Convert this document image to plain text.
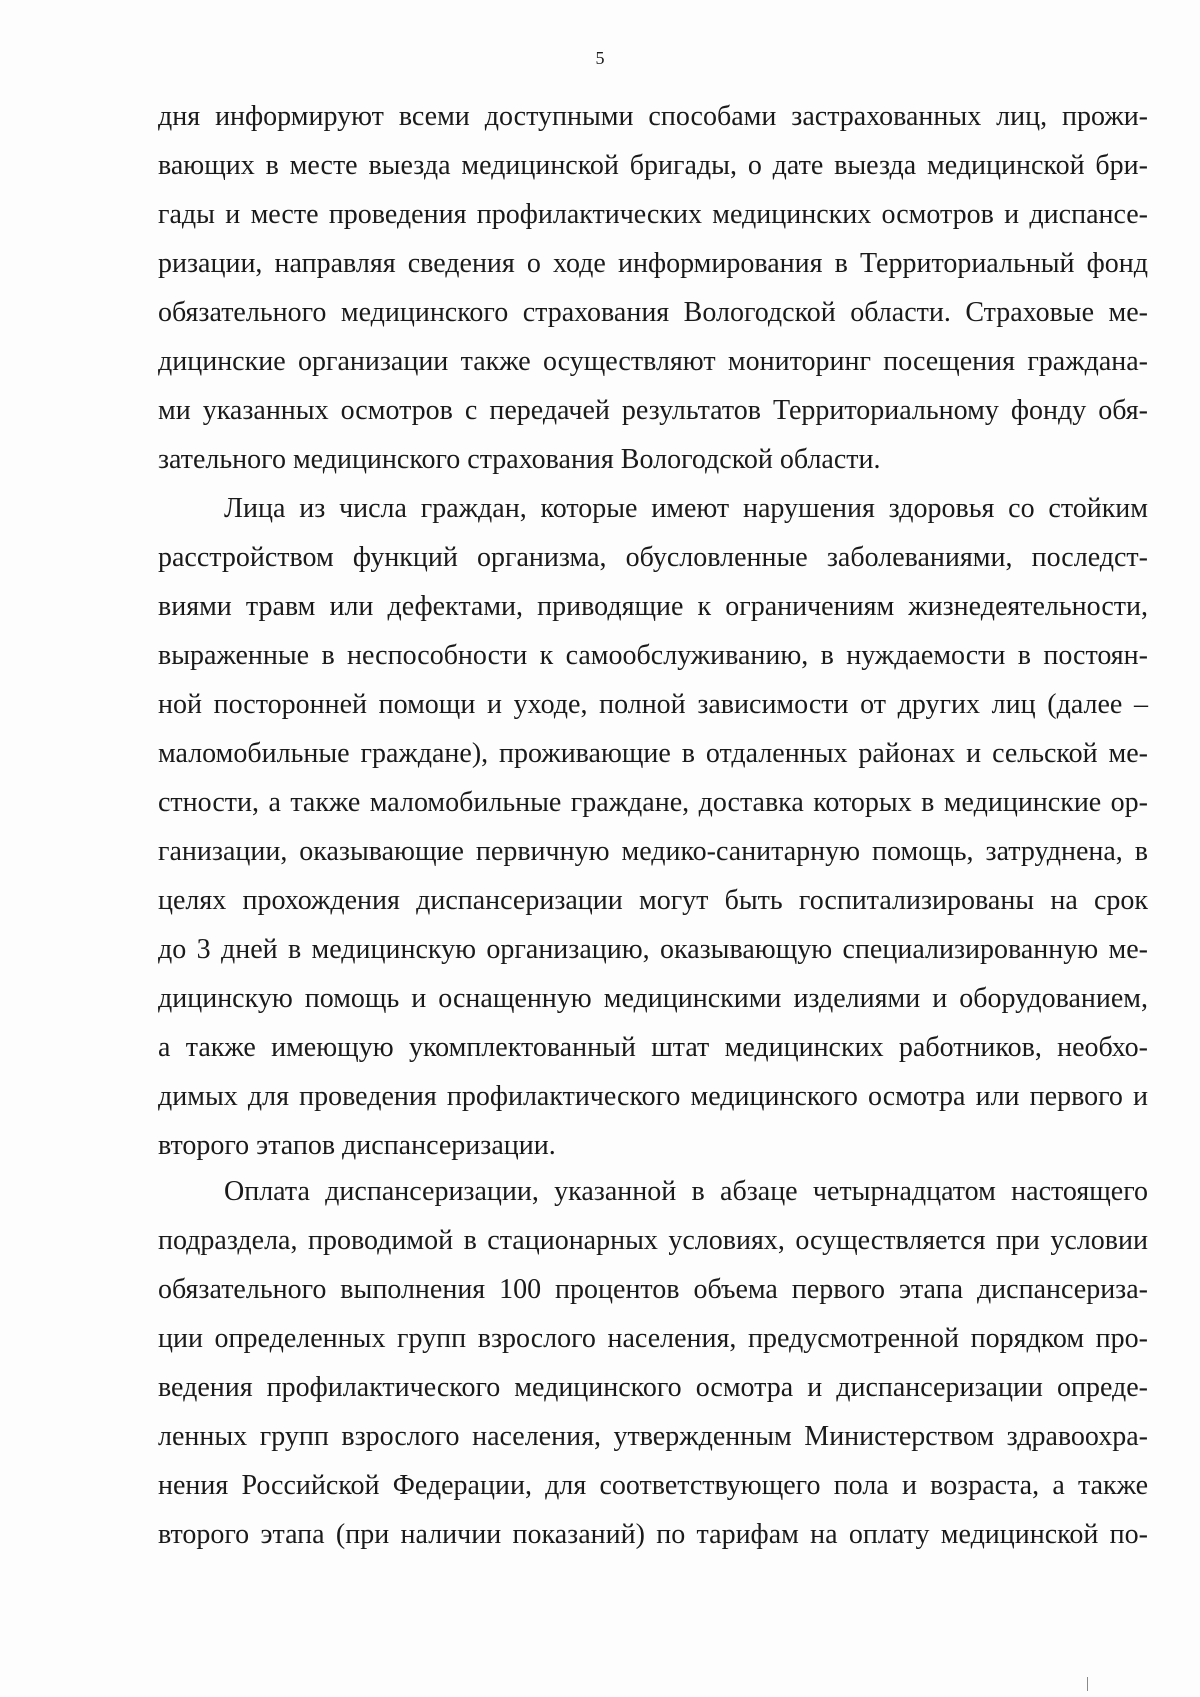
5
дня информируют всеми доступными способами застрахованных лиц, прожи-
вающих в месте выезда медицинской бригады, о дате выезда медицинской бри-
гады и месте проведения профилактических медицинских осмотров и диспансе-
ризации, направляя сведения о ходе информирования в Территориальный фонд
обязательного медицинского страхования Вологодской области. Страховые ме-
дицинские организации также осуществляют мониторинг посещения граждана-
ми указанных осмотров с передачей результатов Территориальному фонду обя-
зательного медицинского страхования Вологодской области.
Лица из числа граждан, которые имеют нарушения здоровья со стойким
расстройством функций организма, обусловленные заболеваниями, последст-
виями травм или дефектами, приводящие к ограничениям жизнедеятельности,
выраженные в неспособности к самообслуживанию, в нуждаемости в постоян-
ной посторонней помощи и уходе, полной зависимости от других лиц (далее –
маломобильные граждане), проживающие в отдаленных районах и сельской ме-
стности, а также маломобильные граждане, доставка которых в медицинские ор-
ганизации, оказывающие первичную медико-санитарную помощь, затруднена, в
целях прохождения диспансеризации могут быть госпитализированы на срок
до 3 дней в медицинскую организацию, оказывающую специализированную ме-
дицинскую помощь и оснащенную медицинскими изделиями и оборудованием,
а также имеющую укомплектованный штат медицинских работников, необхо-
димых для проведения профилактического медицинского осмотра или первого и
второго этапов диспансеризации.
Оплата диспансеризации, указанной в абзаце четырнадцатом настоящего
подраздела, проводимой в стационарных условиях, осуществляется при условии
обязательного выполнения 100 процентов объема первого этапа диспансериза-
ции определенных групп взрослого населения, предусмотренной порядком про-
ведения профилактического медицинского осмотра и диспансеризации опреде-
ленных групп взрослого населения, утвержденным Министерством здравоохра-
нения Российской Федерации, для соответствующего пола и возраста, а также
второго этапа (при наличии показаний) по тарифам на оплату медицинской по-
